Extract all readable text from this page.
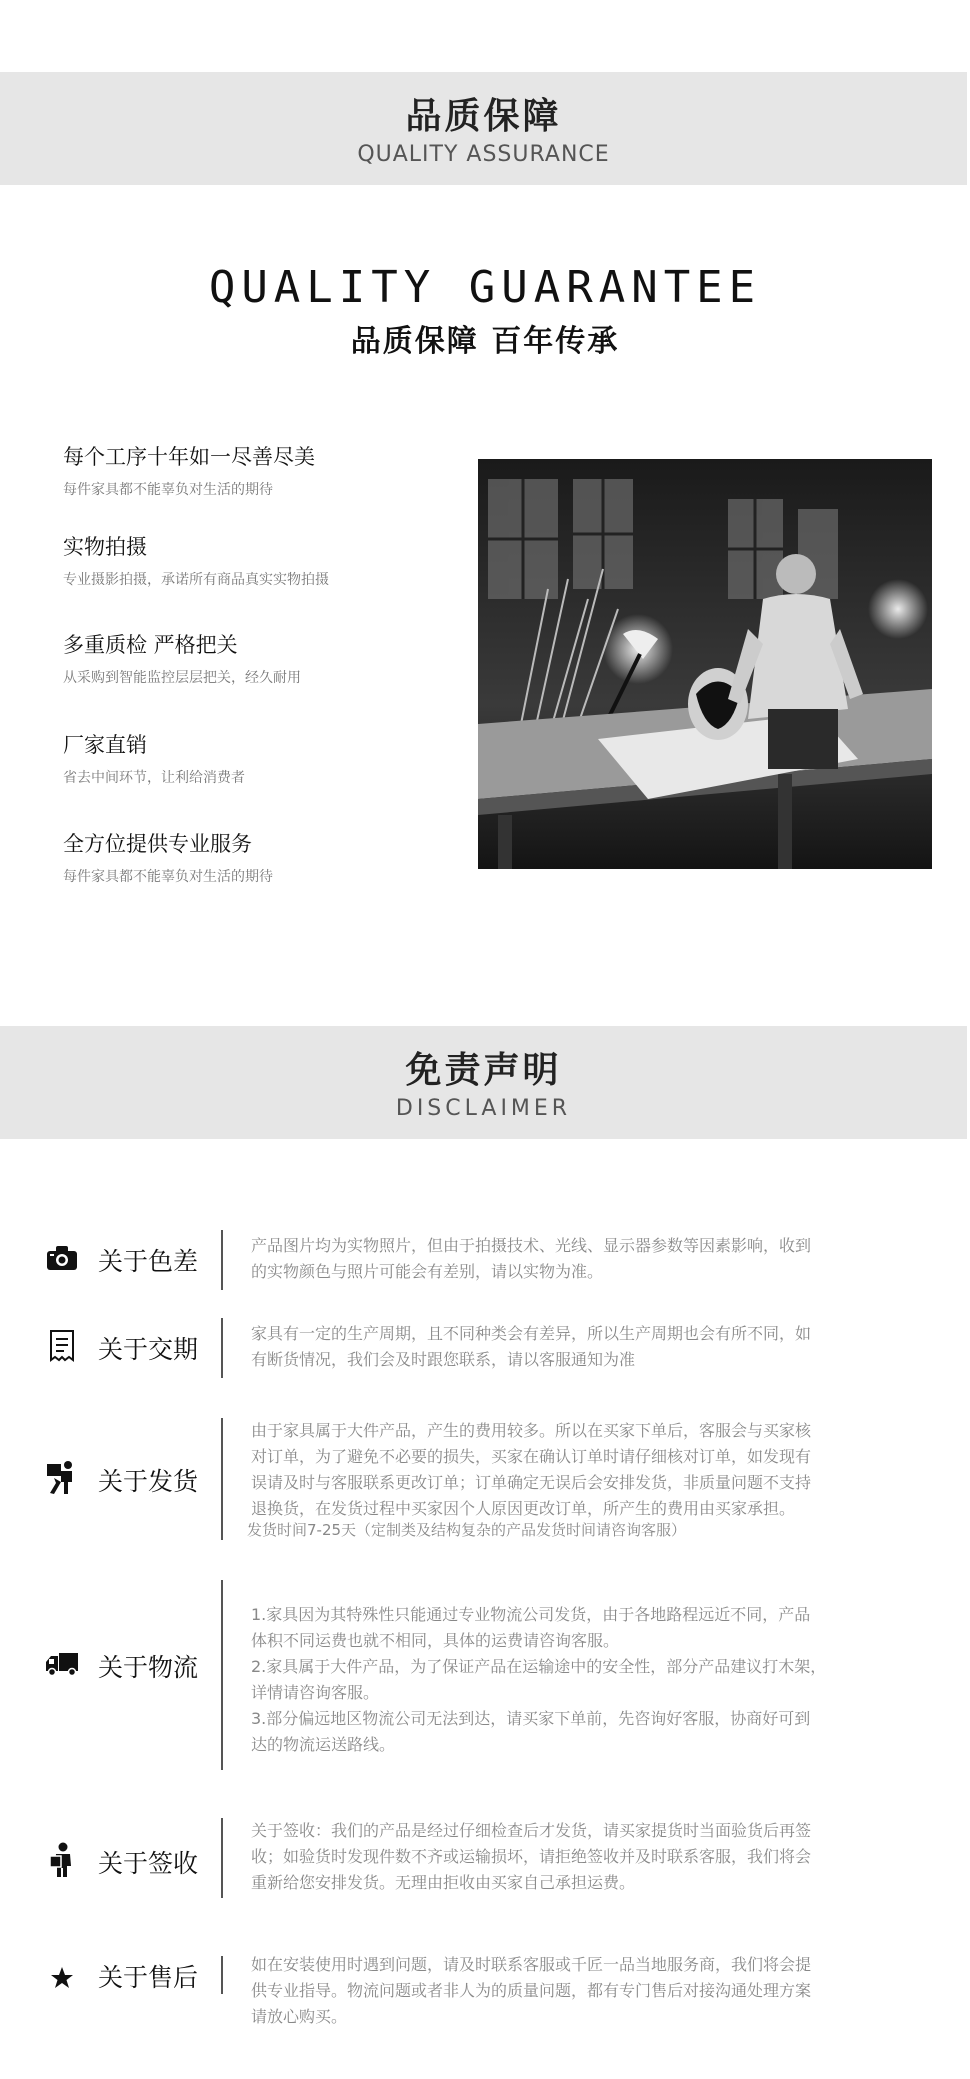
品质保障
QUALITY ASSURANCE
QUALITY GUARANTEE
品质保障 百年传承
每个工序十年如一尽善尽美
每件家具都不能辜负对生活的期待
实物拍摄
专业摄影拍摄，承诺所有商品真实实物拍摄
多重质检 严格把关
从采购到智能监控层层把关，经久耐用
厂家直销
省去中间环节，让利给消费者
全方位提供专业服务
每件家具都不能辜负对生活的期待
免责声明
DISCLAIMER
关于色差

产品图片均为实物照片，但由于拍摄技术、光线、显示器参数等因素影响，收到

的实物颜色与照片可能会有差别，请以实物为准。

关于交期

家具有一定的生产周期，且不同种类会有差异，所以生产周期也会有所不同，如

有断货情况，我们会及时跟您联系，请以客服通知为准

关于发货

由于家具属于大件产品，产生的费用较多。所以在买家下单后，客服会与买家核

对订单，为了避免不必要的损失，买家在确认订单时请仔细核对订单，如发现有

误请及时与客服联系更改订单；订单确定无误后会安排发货，非质量问题不支持

退换货，在发货过程中买家因个人原因更改订单，所产生的费用由买家承担。

发货时间7-25天（定制类及结构复杂的产品发货时间请咨询客服）
关于物流

1.家具因为其特殊性只能通过专业物流公司发货，由于各地路程远近不同，产品

体积不同运费也就不相同，具体的运费请咨询客服。

2.家具属于大件产品，为了保证产品在运输途中的安全性，部分产品建议打木架，

详情请咨询客服。

3.部分偏远地区物流公司无法到达，请买家下单前，先咨询好客服，协商好可到

达的物流运送路线。

关于签收

关于签收：我们的产品是经过仔细检查后才发货，请买家提货时当面验货后再签

收；如验货时发现件数不齐或运输损坏，请拒绝签收并及时联系客服，我们将会

重新给您安排发货。无理由拒收由买家自己承担运费。

关于售后	如在安装使用时遇到问题，请及时联系客服或千匠一品当地服务商，我们将会提

供专业指导。物流问题或者非人为的质量问题，都有专门售后对接沟通处理方案

请放心购买。
